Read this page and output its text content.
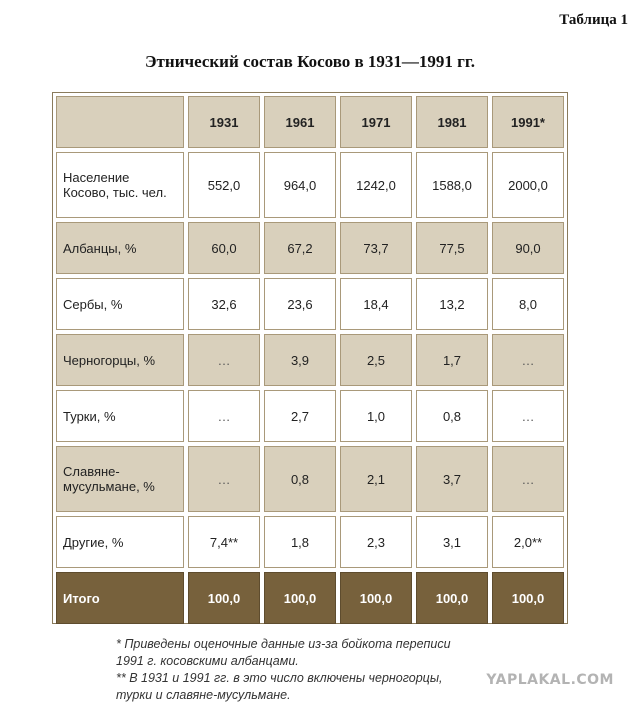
Таблица 1
Этнический состав Косово в 1931—1991 гг.
	1931	1961	1971	1981	1991*
Население
Косово, тыс. чел.	552,0	964,0	1242,0	1588,0	2000,0
Албанцы, %	60,0	67,2	73,7	77,5	90,0
Сербы, %	32,6	23,6	18,4	13,2	8,0
Черногорцы, %	…	3,9	2,5	1,7	…
Турки, %	…	2,7	1,0	0,8	…
Славяне-
мусульмане, %	…	0,8	2,1	3,7	…
Другие, %	7,4**	1,8	2,3	3,1	2,0**
Итого	100,0	100,0	100,0	100,0	100,0
* Приведены оценочные данные из-за бойкота переписи
1991 г. косовскими албанцами.
** В 1931 и 1991 гг. в это число включены черногорцы,
турки и славяне-мусульмане.
YAPLAKAL.COM
